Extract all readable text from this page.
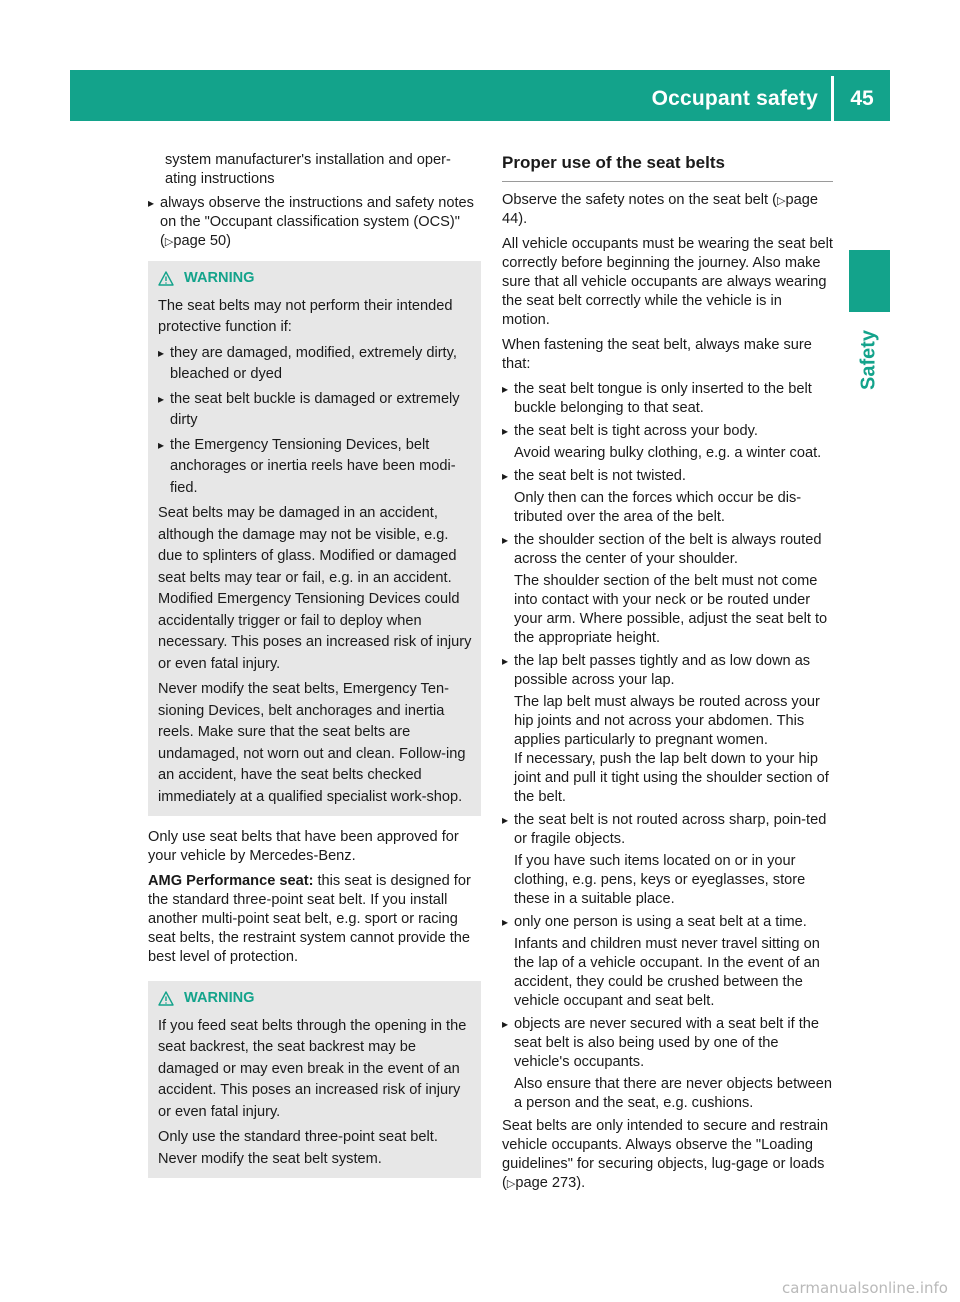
Occupant safety	45
Safety

system manufacturer's installation and oper-ating instructions

▸ always observe the instructions and safety notes on the "Occupant classification system (OCS)" (▷page 50)
WARNING

The seat belts may not perform their intended protective function if:

▸ they are damaged, modified, extremely dirty, bleached or dyed
▸ the seat belt buckle is damaged or extremely dirty
▸ the Emergency Tensioning Devices, belt anchorages or inertia reels have been modi-fied.

Seat belts may be damaged in an accident, although the damage may not be visible, e.g. due to splinters of glass. Modified or damaged seat belts may tear or fail, e.g. in an accident. Modified Emergency Tensioning Devices could accidentally trigger or fail to deploy when necessary. This poses an increased risk of injury or even fatal injury.

Never modify the seat belts, Emergency Ten-sioning Devices, belt anchorages and inertia reels. Make sure that the seat belts are undamaged, not worn out and clean. Follow-ing an accident, have the seat belts checked immediately at a qualified specialist work-shop.

Only use seat belts that have been approved for your vehicle by Mercedes-Benz.

AMG Performance seat: this seat is designed for the standard three-point seat belt. If you install another multi-point seat belt, e.g. sport or racing seat belts, the restraint system cannot provide the best level of protection.

WARNING

If you feed seat belts through the opening in the seat backrest, the seat backrest may be damaged or may even break in the event of an accident. This poses an increased risk of injury or even fatal injury.

Only use the standard three-point seat belt. Never modify the seat belt system.

Proper use of the seat belts

Observe the safety notes on the seat belt (▷page 44).

All vehicle occupants must be wearing the seat belt correctly before beginning the journey. Also make sure that all vehicle occupants are always wearing the seat belt correctly while the vehicle is in motion.

When fastening the seat belt, always make sure that:

▸ the seat belt tongue is only inserted to the belt buckle belonging to that seat.
▸ the seat belt is tight across your body.

Avoid wearing bulky clothing, e.g. a winter coat.

▸ the seat belt is not twisted.

Only then can the forces which occur be dis-tributed over the area of the belt.

▸ the shoulder section of the belt is always routed across the center of your shoulder.

The shoulder section of the belt must not come into contact with your neck or be routed under your arm. Where possible, adjust the seat belt to the appropriate height.

▸ the lap belt passes tightly and as low down as possible across your lap.

The lap belt must always be routed across your hip joints and not across your abdomen. This applies particularly to pregnant women.

If necessary, push the lap belt down to your hip joint and pull it tight using the shoulder section of the belt.

▸ the seat belt is not routed across sharp, poin-ted or fragile objects.

If you have such items located on or in your clothing, e.g. pens, keys or eyeglasses, store these in a suitable place.

▸ only one person is using a seat belt at a time.

Infants and children must never travel sitting on the lap of a vehicle occupant. In the event of an accident, they could be crushed between the vehicle occupant and seat belt.

▸ objects are never secured with a seat belt if the seat belt is also being used by one of the vehicle's occupants.

Also ensure that there are never objects between a person and the seat, e.g. cushions.

Seat belts are only intended to secure and restrain vehicle occupants. Always observe the "Loading guidelines" for securing objects, lug-gage or loads (▷page 273).

carmanualsonline.info
